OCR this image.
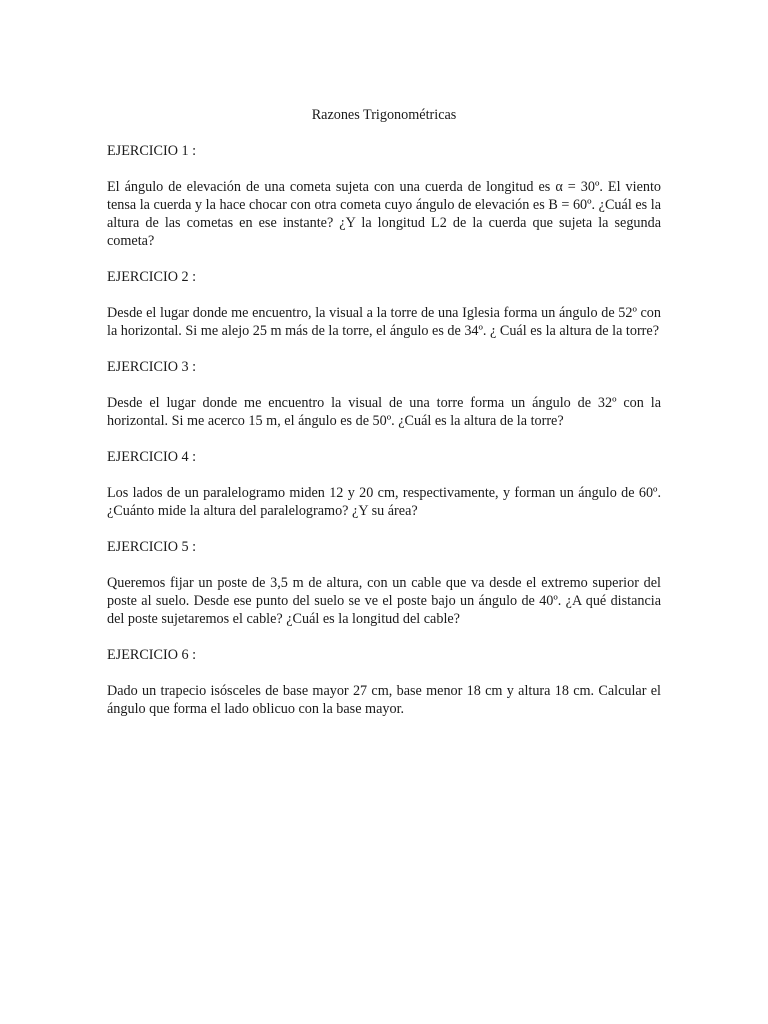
Razones Trigonométricas

EJERCICIO 1 :

El ángulo de elevación de una cometa sujeta con una cuerda de longitud es α = 30º. El viento tensa la cuerda y la hace chocar con otra cometa cuyo ángulo de elevación es Β = 60º. ¿Cuál es la altura de las cometas en ese instante? ¿Y la longitud L2 de la cuerda que sujeta la segunda cometa?

EJERCICIO 2 :

Desde el lugar donde me encuentro, la visual a la torre de una Iglesia forma un ángulo de 52º con la horizontal. Si me alejo 25 m más de la torre, el ángulo es de 34º. ¿ Cuál es la altura de la torre?

EJERCICIO 3 :

Desde el lugar donde me encuentro la visual de una torre forma un ángulo de 32º con la horizontal. Si me acerco 15 m, el ángulo es de 50º. ¿Cuál es la altura de la torre?

EJERCICIO 4 :

Los lados de un paralelogramo miden 12 y 20 cm, respectivamente, y forman un ángulo de 60º. ¿Cuánto mide la altura del paralelogramo? ¿Y su área?

EJERCICIO 5 :

Queremos fijar un poste de 3,5 m de altura, con un cable que va desde el extremo superior del poste al suelo. Desde ese punto del suelo se ve el poste bajo un ángulo de 40º. ¿A qué distancia del poste sujetaremos el cable? ¿Cuál es la longitud del cable?

EJERCICIO 6 :

Dado un trapecio isósceles de base mayor 27 cm, base menor 18 cm y altura 18 cm. Calcular el ángulo que forma el lado oblicuo con la base mayor.
